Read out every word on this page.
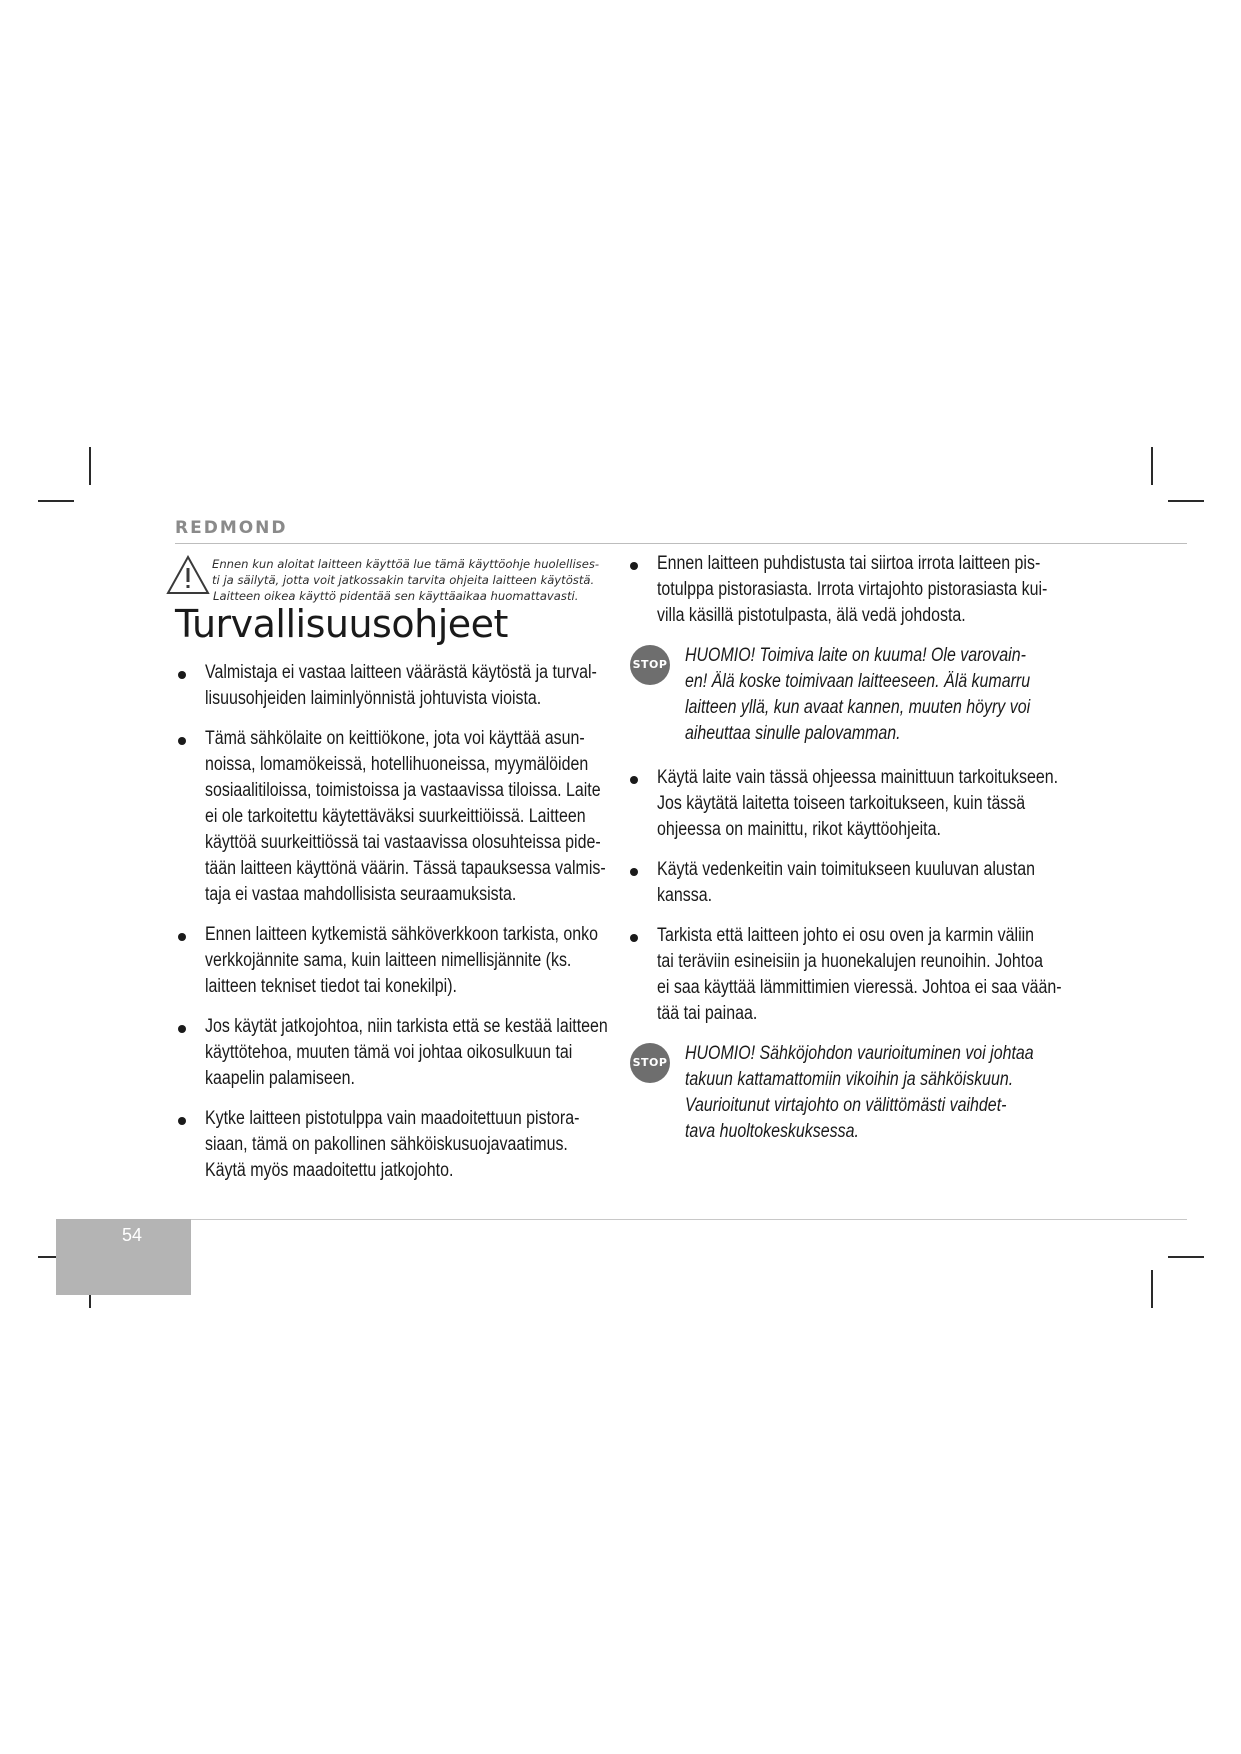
REDMOND
Ennen kun aloitat laitteen käyttöä lue tämä käyttöohje huolellises-
ti ja säilytä, jotta voit jatkossakin tarvita ohjeita laitteen käytöstä.
Laitteen oikea käyttö pidentää sen käyttäaikaa huomattavasti.
Turvallisuusohjeet
Valmistaja ei vastaa laitteen väärästä käytöstä ja turval-
lisuusohjeiden laiminlyönnistä johtuvista vioista.
Tämä sähkölaite on keittiökone, jota voi käyttää asun-
noissa, lomamökeissä, hotellihuoneissa, myymälöiden
sosiaalitiloissa, toimistoissa ja vastaavissa tiloissa. Laite
ei ole tarkoitettu käytettäväksi suurkeittiöissä. Laitteen
käyttöä suurkeittiössä tai vastaavissa olosuhteissa pide-
tään laitteen käyttönä väärin. Tässä tapauksessa valmis-
taja ei vastaa mahdollisista seuraamuksista.
Ennen laitteen kytkemistä sähköverkkoon tarkista, onko
verkkojännite sama, kuin laitteen nimellisjännite (ks.
laitteen tekniset tiedot tai konekilpi).
Jos käytät jatkojohtoa, niin tarkista että se kestää laitteen
käyttötehoa, muuten tämä voi johtaa oikosulkuun tai
kaapelin palamiseen.
Kytke laitteen pistotulppa vain maadoitettuun pistora-
siaan, tämä on pakollinen sähköiskusuojavaatimus.
Käytä myös maadoitettu jatkojohto.
Ennen laitteen puhdistusta tai siirtoa irrota laitteen pis-
totulppa pistorasiasta. Irrota virtajohto pistorasiasta kui-
villa käsillä pistotulpasta, älä vedä johdosta.
STOP HUOMIO! Toimiva laite on kuuma! Ole varovain-
en! Älä koske toimivaan laitteeseen. Älä kumarru
laitteen yllä, kun avaat kannen, muuten höyry voi
aiheuttaa sinulle palovamman.
Käytä laite vain tässä ohjeessa mainittuun tarkoitukseen.
Jos käytätä laitetta toiseen tarkoitukseen, kuin tässä
ohjeessa on mainittu, rikot käyttöohjeita.
Käytä vedenkeitin vain toimitukseen kuuluvan alustan
kanssa.
Tarkista että laitteen johto ei osu oven ja karmin väliin
tai teräviin esineisiin ja huonekalujen reunoihin. Johtoa
ei saa käyttää lämmittimien vieressä. Johtoa ei saa vään-
tää tai painaa.
STOP HUOMIO! Sähköjohdon vaurioituminen voi johtaa
takuun kattamattomiin vikoihin ja sähköiskuun.
Vaurioitunut virtajohto on välittömästi vaihdet-
tava huoltokeskuksessa.
54
